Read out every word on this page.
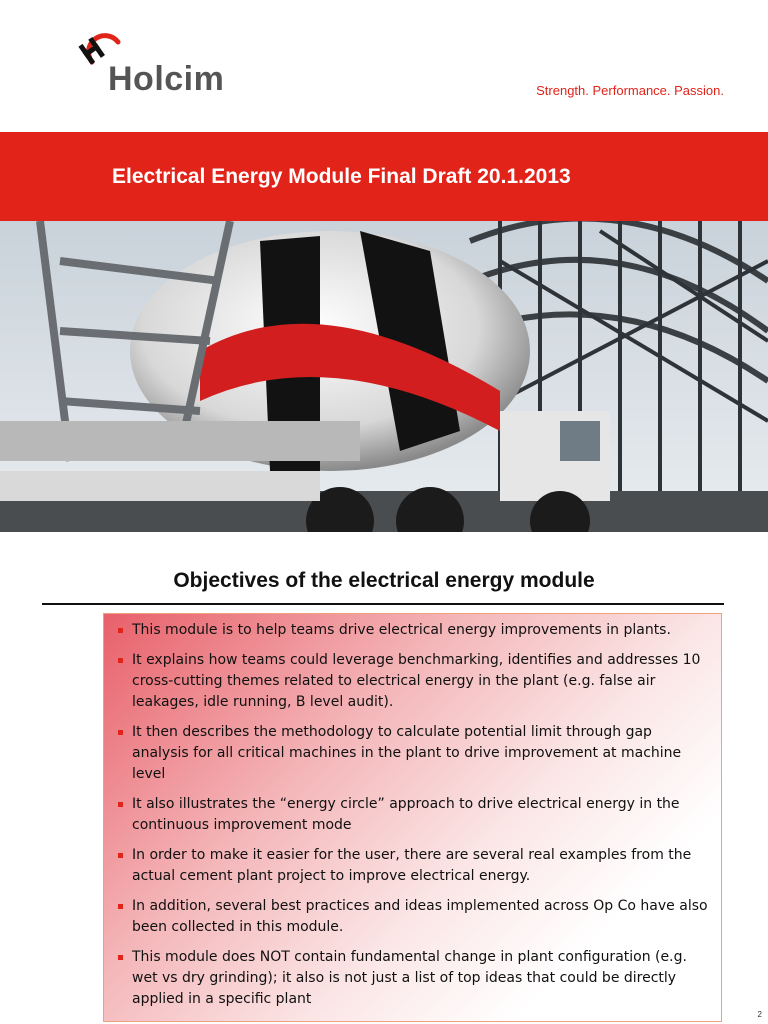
Holcim	Strength. Performance. Passion.
Electrical Energy Module Final Draft 20.1.2013
Objectives of the electrical energy module
This module is to help teams drive electrical energy improvements in plants.
It explains how teams could leverage benchmarking, identifies and addresses 10 cross-cutting themes related to electrical energy in the plant (e.g. false air leakages, idle running, B level audit).
It then describes the methodology to calculate potential limit through gap analysis for all critical machines in the plant to drive improvement at machine level
It also illustrates the “energy circle” approach to drive electrical energy in the continuous improvement mode
In order to make it easier for the user, there are several real examples from the actual cement plant project to improve electrical energy.
In addition, several best practices and ideas implemented across Op Co have also been collected in this module.
This module does NOT contain fundamental change in plant configuration (e.g. wet vs dry grinding); it also is not just a list of top ideas that could be directly applied in a specific plant
2
